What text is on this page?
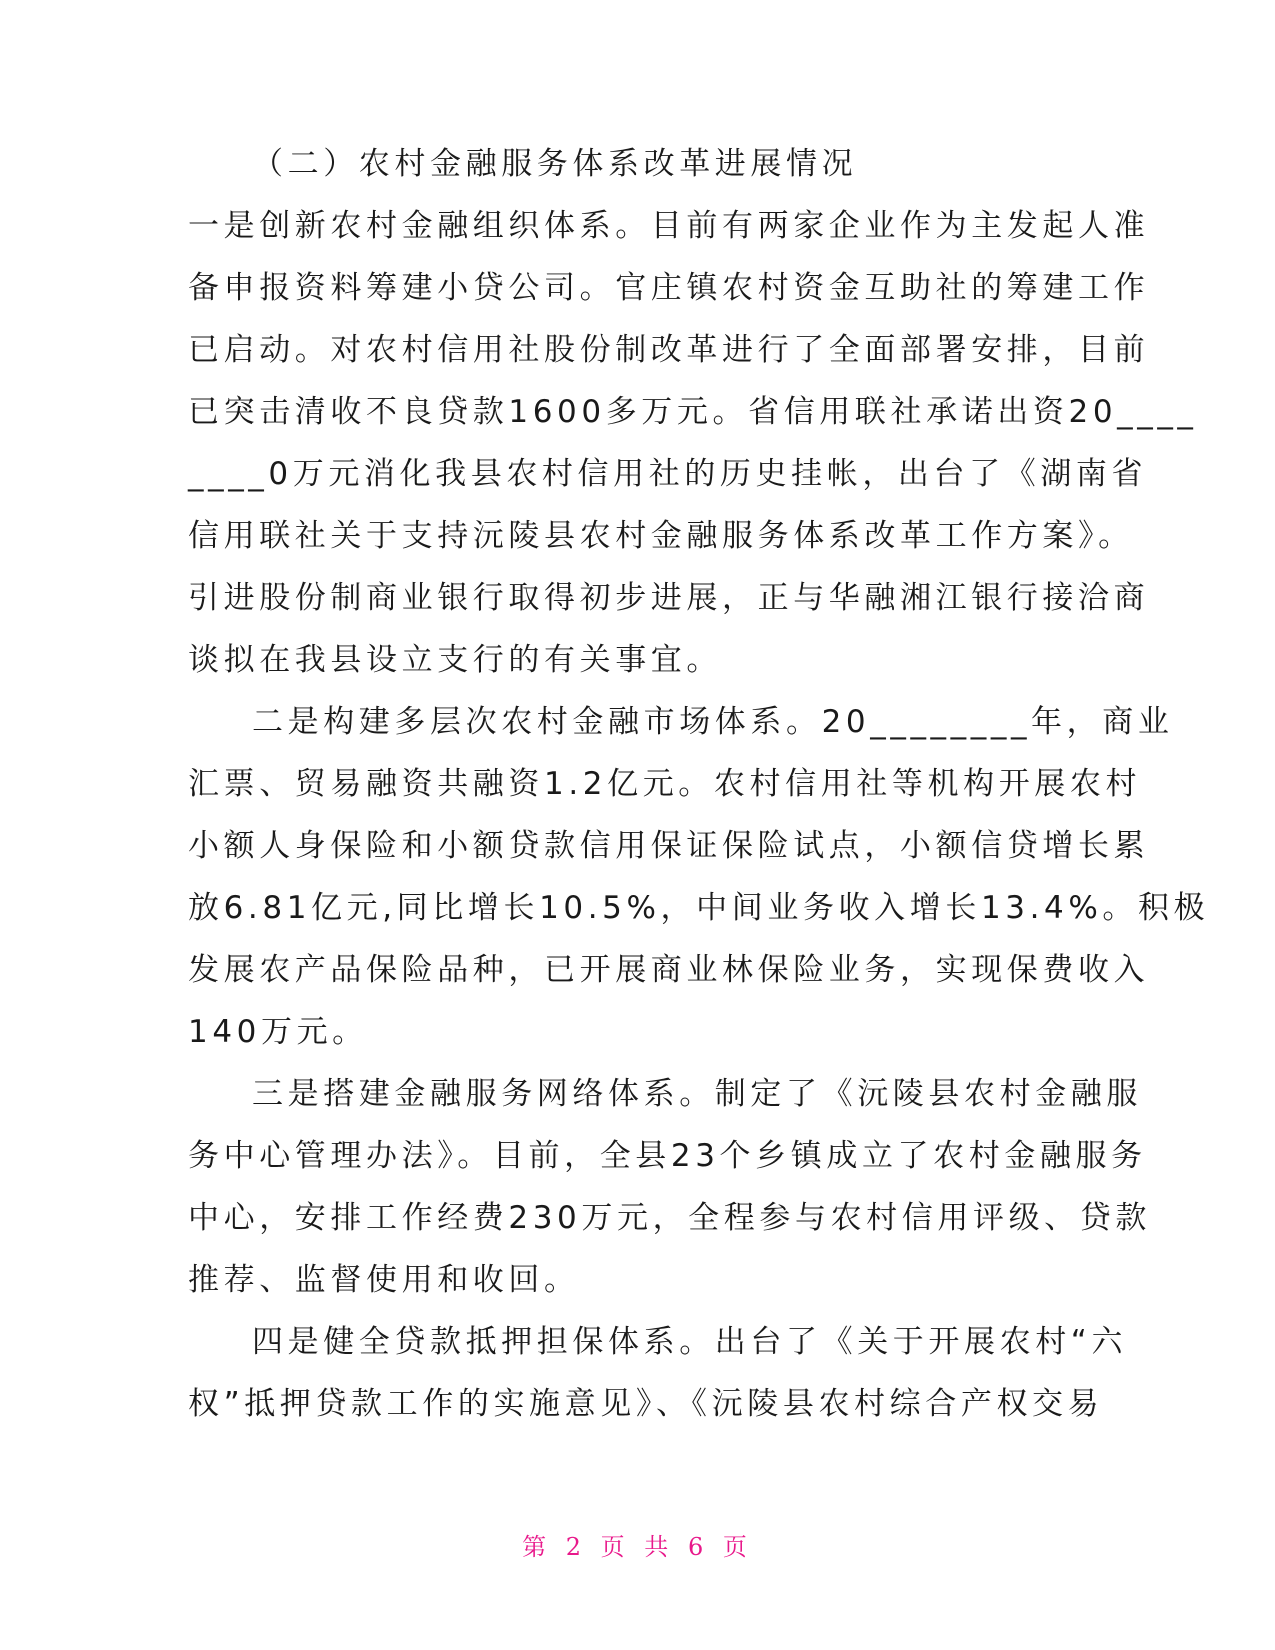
（二）农村金融服务体系改革进展情况
一是创新农村金融组织体系。目前有两家企业作为主发起人准
备申报资料筹建小贷公司。官庄镇农村资金互助社的筹建工作
已启动。对农村信用社股份制改革进行了全面部署安排，目前
已突击清收不良贷款1600多万元。省信用联社承诺出资20____
____0万元消化我县农村信用社的历史挂帐，出台了《湖南省
信用联社关于支持沅陵县农村金融服务体系改革工作方案》。
引进股份制商业银行取得初步进展，正与华融湘江银行接洽商
谈拟在我县设立支行的有关事宜。
二是构建多层次农村金融市场体系。20________年，商业
汇票、贸易融资共融资1.2亿元。农村信用社等机构开展农村
小额人身保险和小额贷款信用保证保险试点，小额信贷增长累
放6.81亿元,同比增长10.5%，中间业务收入增长13.4%。积极
发展农产品保险品种，已开展商业林保险业务，实现保费收入
140万元。
三是搭建金融服务网络体系。制定了《沅陵县农村金融服
务中心管理办法》。目前，全县23个乡镇成立了农村金融服务
中心，安排工作经费230万元，全程参与农村信用评级、贷款
推荐、监督使用和收回。
四是健全贷款抵押担保体系。出台了《关于开展农村“六
权”抵押贷款工作的实施意见》、《沅陵县农村综合产权交易
第 2 页 共 6 页
